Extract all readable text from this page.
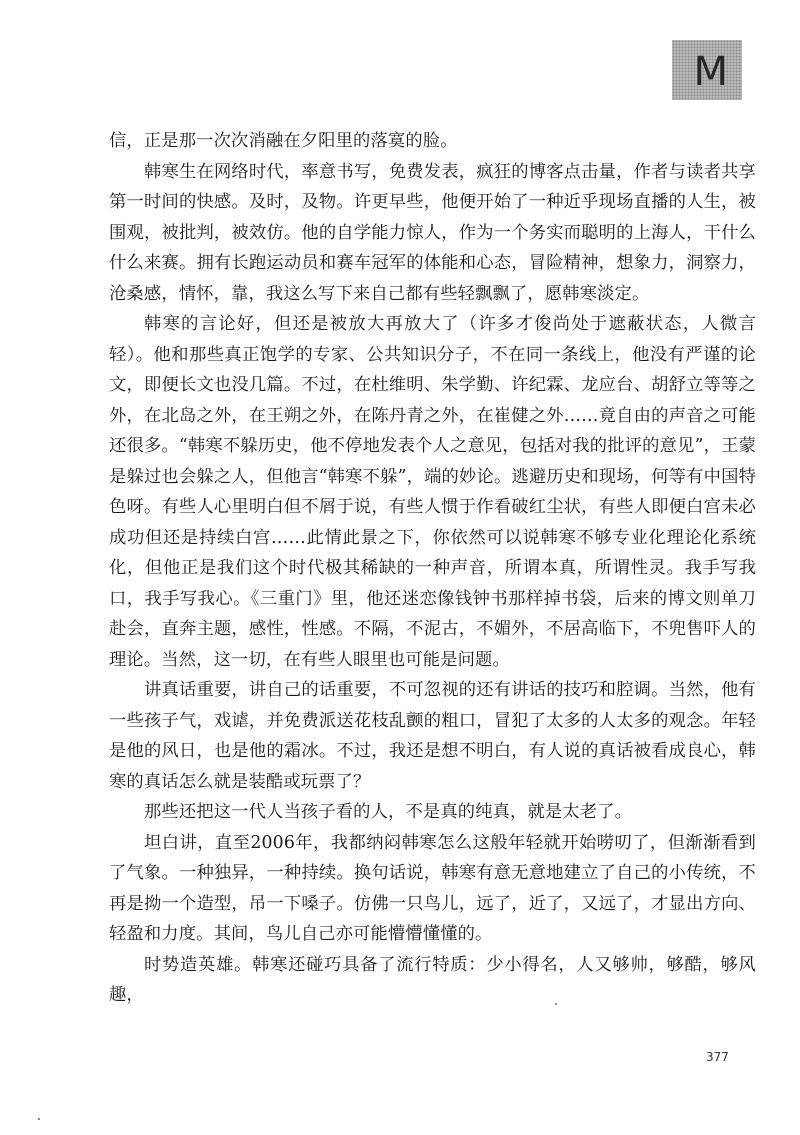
M

信，正是那一次次消融在夕阳里的落寞的脸。

韩寒生在网络时代，率意书写，免费发表，疯狂的博客点击量，作者与读者共享第一时间的快感。及时，及物。许更早些，他便开始了一种近乎现场直播的人生，被围观，被批判，被效仿。他的自学能力惊人，作为一个务实而聪明的上海人，干什么什么来赛。拥有长跑运动员和赛车冠军的体能和心态，冒险精神，想象力，洞察力，沧桑感，情怀，靠，我这么写下来自己都有些轻飘飘了，愿韩寒淡定。

韩寒的言论好，但还是被放大再放大了（许多才俊尚处于遮蔽状态，人微言轻）。他和那些真正饱学的专家、公共知识分子，不在同一条线上，他没有严谨的论文，即便长文也没几篇。不过，在杜维明、朱学勤、许纪霖、龙应台、胡舒立等等之外，在北岛之外，在王朔之外，在陈丹青之外，在崔健之外……竟自由的声音之可能还很多。“韩寒不躲历史，他不停地发表个人之意见，包括对我的批评的意见”，王蒙是躲过也会躲之人，但他言“韩寒不躲”，端的妙论。逃避历史和现场，何等有中国特色呀。有些人心里明白但不屑于说，有些人惯于作看破红尘状，有些人即便白宫未必成功但还是持续白宫……此情此景之下，你依然可以说韩寒不够专业化理论化系统化，但他正是我们这个时代极其稀缺的一种声音，所谓本真，所谓性灵。我手写我口，我手写我心。《三重门》里，他还迷恋像钱钟书那样掉书袋，后来的博文则单刀赴会，直奔主题，感性，性感。不隔，不泥古，不媚外，不居高临下，不兜售吓人的理论。当然，这一切，在有些人眼里也可能是问题。

讲真话重要，讲自己的话重要，不可忽视的还有讲话的技巧和腔调。当然，他有一些孩子气，戏谑，并免费派送花枝乱颤的粗口，冒犯了太多的人太多的观念。年轻是他的风日，也是他的霜冰。不过，我还是想不明白，有人说的真话被看成良心，韩寒的真话怎么就是装酷或玩票了？

那些还把这一代人当孩子看的人，不是真的纯真，就是太老了。

坦白讲，直至2006年，我都纳闷韩寒怎么这般年轻就开始唠叨了，但渐渐看到了气象。一种独异，一种持续。换句话说，韩寒有意无意地建立了自己的小传统，不再是拗一个造型，吊一下嗓子。仿佛一只鸟儿，远了，近了，又远了，才显出方向、轻盈和力度。其间，鸟儿自己亦可能懵懵懂懂的。

时势造英雄。韩寒还碰巧具备了流行特质：少小得名，人又够帅，够酷，够风趣，

377
